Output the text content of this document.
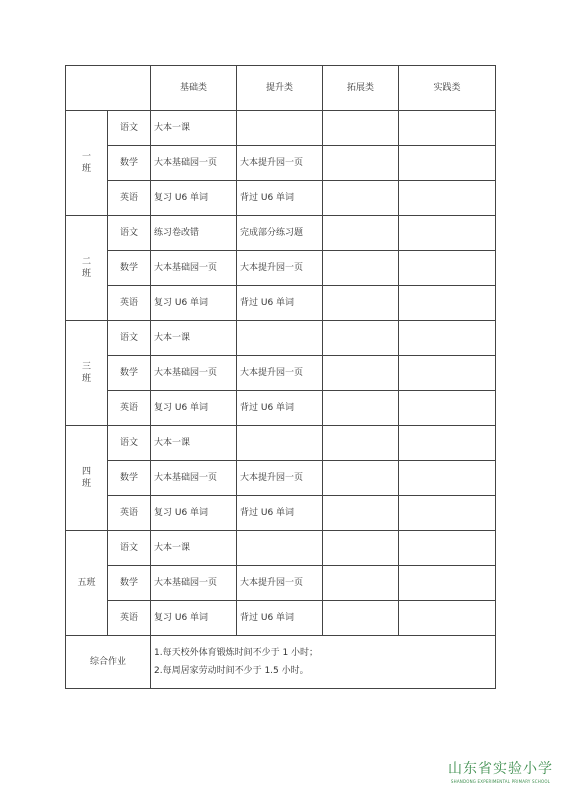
		基础类	提升类	拓展类	实践类

一
班	语文	大本一课			
	数学	大本基础园一页	大本提升园一页		
	英语	复习 U6 单词	背过 U6 单词		

二
班	语文	练习卷改错	完成部分练习题		
	数学	大本基础园一页	大本提升园一页		
	英语	复习 U6 单词	背过 U6 单词		

三
班	语文	大本一课			
	数学	大本基础园一页	大本提升园一页		
	英语	复习 U6 单词	背过 U6 单词		

四
班	语文	大本一课			
	数学	大本基础园一页	大本提升园一页		
	英语	复习 U6 单词	背过 U6 单词		

五班	语文	大本一课			
	数学	大本基础园一页	大本提升园一页		
	英语	复习 U6 单词	背过 U6 单词		
综合作业		1.每天校外体育锻炼时间不少于 1 小时；
2.每周居家劳动时间不少于 1.5 小时。			
山东省实验小学
SHANDONG EXPERIMENTAL PRIMARY SCHOOL
